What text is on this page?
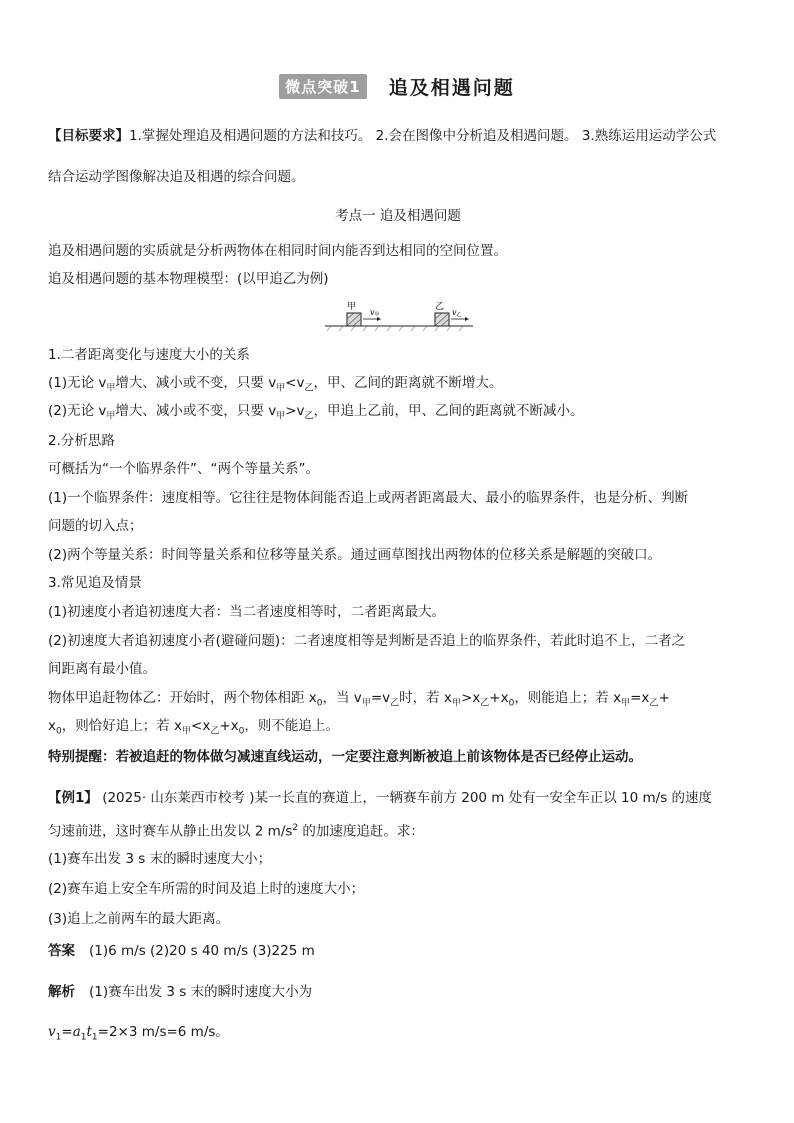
微点突破1	追及相遇问题
【目标要求】1.掌握处理追及相遇问题的方法和技巧。 2.会在图像中分析追及相遇问题。 3.熟练运用运动学公式
结合运动学图像解决追及相遇的综合问题。
考点一 追及相遇问题
追及相遇问题的实质就是分析两物体在相同时间内能否到达相同的空间位置。
追及相遇问题的基本物理模型：(以甲追乙为例)
甲
v甲
乙
v乙
1.二者距离变化与速度大小的关系
(1)无论 $v_甲$增大、减小或不变，只要 $v_甲<v_乙$，甲、乙间的距离就不断增大。
(2)无论 $v_甲$增大、减小或不变，只要 $v_甲>v_乙$，甲追上乙前，甲、乙间的距离就不断减小。
2.分析思路
可概括为“一个临界条件”、“两个等量关系”。
(1)一个临界条件：速度相等。它往往是物体间能否追上或两者距离最大、最小的临界条件，也是分析、判断
问题的切入点；
(2)两个等量关系：时间等量关系和位移等量关系。通过画草图找出两物体的位移关系是解题的突破口。
3.常见追及情景
(1)初速度小者追初速度大者：当二者速度相等时，二者距离最大。
(2)初速度大者追初速度小者(避碰问题)：二者速度相等是判断是否追上的临界条件，若此时追不上，二者之
间距离有最小值。
物体甲追赶物体乙：开始时，两个物体相距 $x_0$，当 $v_甲=v_乙$时，若 $x_甲>x_乙+x_0$，则能追上；若 $x_甲=x_乙+$
$x_0$，则恰好追上；若 $x_甲<x_乙+x_0$，则不能追上。
特别提醒：若被追赶的物体做匀减速直线运动，一定要注意判断被追上前该物体是否已经停止运动。
【例1】 (2025· 山东莱西市校考 )某一长直的赛道上，一辆赛车前方 200 m 处有一安全车正以 10 m/s 的速度
匀速前进，这时赛车从静止出发以 2 $m/s^2$ 的加速度追赶。求：
(1)赛车出发 3 s 末的瞬时速度大小；
(2)赛车追上安全车所需的时间及追上时的速度大小；
(3)追上之前两车的最大距离。
答案 (1)6 m/s (2)20 s 40 m/s (3)225 m
解析 (1)赛车出发 3 s 末的瞬时速度大小为
$v_1=a_1t_1=2\times 3$ m/s=6 m/s。
